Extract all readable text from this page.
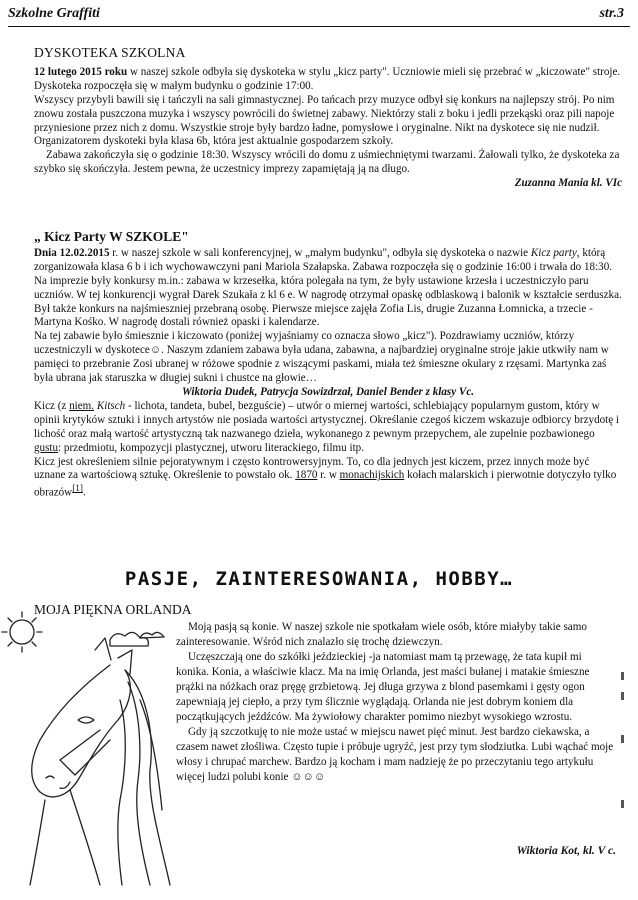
Szkolne Graffiti	str.3
DYSKOTEKA SZKOLNA

12 lutego 2015 roku w naszej szkole odbyła się dyskoteka w stylu „kicz party". Uczniowie mieli się przebrać w „kiczowate" stroje. Dyskoteka rozpoczęła się w małym budynku o godzinie 17:00.

Wszyscy przybyli bawili się i tańczyli na sali gimnastycznej. Po tańcach przy muzyce odbył się konkurs na najlepszy strój. Po nim znowu została puszczona muzyka i wszyscy powrócili do świetnej zabawy. Niektórzy stali z boku i jedli przekąski oraz pili napoje przyniesione przez nich z domu. Wszystkie stroje były bardzo ładne, pomysłowe i oryginalne. Nikt na dyskotece się nie nudził. Organizatorem dyskoteki była klasa 6b, która jest aktualnie gospodarzem szkoły.

Zabawa zakończyła się o godzinie 18:30. Wszyscy wrócili do domu z uśmiechniętymi twarzami. Żałowali tylko, że dyskoteka za szybko się skończyła. Jestem pewna, że uczestnicy imprezy zapamiętają ją na długo.

Zuzanna Mania kl. VIc

„ Kicz Party W SZKOLE"

Dnia 12.02.2015 r. w naszej szkole w sali konferencyjnej, w „małym budynku", odbyła się dyskoteka o nazwie Kicz party, którą zorganizowała klasa 6 b i ich wychowawczyni pani Mariola Szałapska. Zabawa rozpoczęła się o godzinie 16:00 i trwała do 18:30.

Na imprezie były konkursy m.in.: zabawa w krzesełka, która polegała na tym, że były ustawione krzesła i uczestniczyło paru uczniów. W tej konkurencji wygrał Darek Szukała z kl 6 e. W nagrodę otrzymał opaskę odblaskową i balonik w kształcie serduszka. Był także konkurs na najśmieszniej przebraną osobę. Pierwsze miejsce zajęła Zofia Lis, drugie Zuzanna Łomnicka, a trzecie - Martyna Kośko. W nagrodę dostali również opaski i kalendarze.

Na tej zabawie było śmiesznie i kiczowato (poniżej wyjaśniamy co oznacza słowo „kicz"). Pozdrawiamy uczniów, którzy uczestniczyli w dyskotece☺. Naszym zdaniem zabawa była udana, zabawna, a najbardziej oryginalne stroje jakie utkwiły nam w pamięci to przebranie Zosi ubranej w różowe spodnie z wiszącymi paskami, miała też śmieszne okulary z rzęsami. Martynka zaś była ubrana jak staruszka w długiej sukni i chustce na głowie…

Wiktoria Dudek, Patrycja Sowizdrzał, Daniel Bender z klasy Vc.

Kicz (z niem. Kitsch - lichota, tandeta, bubel, bezguście) – utwór o miernej wartości, schlebiający popularnym gustom, który w opinii krytyków sztuki i innych artystów nie posiada wartości artystycznej. Określanie czegoś kiczem wskazuje odbiorcy brzydotę i lichość oraz małą wartość artystyczną tak nazwanego dzieła, wykonanego z pewnym przepychem, ale zupełnie pozbawionego gustu: przedmiotu, kompozycji plastycznej, utworu literackiego, filmu itp.

Kicz jest określeniem silnie pejoratywnym i często kontrowersyjnym. To, co dla jednych jest kiczem, przez innych może być uznane za wartościową sztukę. Określenie to powstało ok. 1870 r. w monachijskich kołach malarskich i pierwotnie dotyczyło tylko obrazów[1].

PASJE, ZAINTERESOWANIA, HOBBY…
MOJA PIĘKNA ORLANDA

Moją pasją są konie. W naszej szkole nie spotkałam wiele osób, które miałyby takie samo zainteresowanie. Wśród nich znalazło się trochę dziewczyn.

Uczęszczają one do szkółki jeździeckiej -ja natomiast mam tą przewagę, że tata kupił mi konika. Konia, a właściwie klacz. Ma na imię Orlanda, jest maści bułanej i matakie śmieszne prążki na nóżkach oraz pręgę grzbietową. Jej długa grzywa z blond pasemkami i gęsty ogon zapewniają jej ciepło, a przy tym ślicznie wyglądają. Orlanda nie jest dobrym koniem dla początkujących jeźdźców. Ma żywiołowy charakter pomimo niezbyt wysokiego wzrostu.

Gdy ją szczotkuję to nie może ustać w miejscu nawet pięć minut. Jest bardzo ciekawska, a czasem nawet złośliwa. Często tupie i próbuje ugryźć, jest przy tym słodziutka. Lubi wąchać moje włosy i chrupać marchew. Bardzo ją kocham i mam nadzieję że po przeczytaniu tego artykułu więcej ludzi polubi konie ☺☺☺

Wiktoria Kot, kl. V c.
